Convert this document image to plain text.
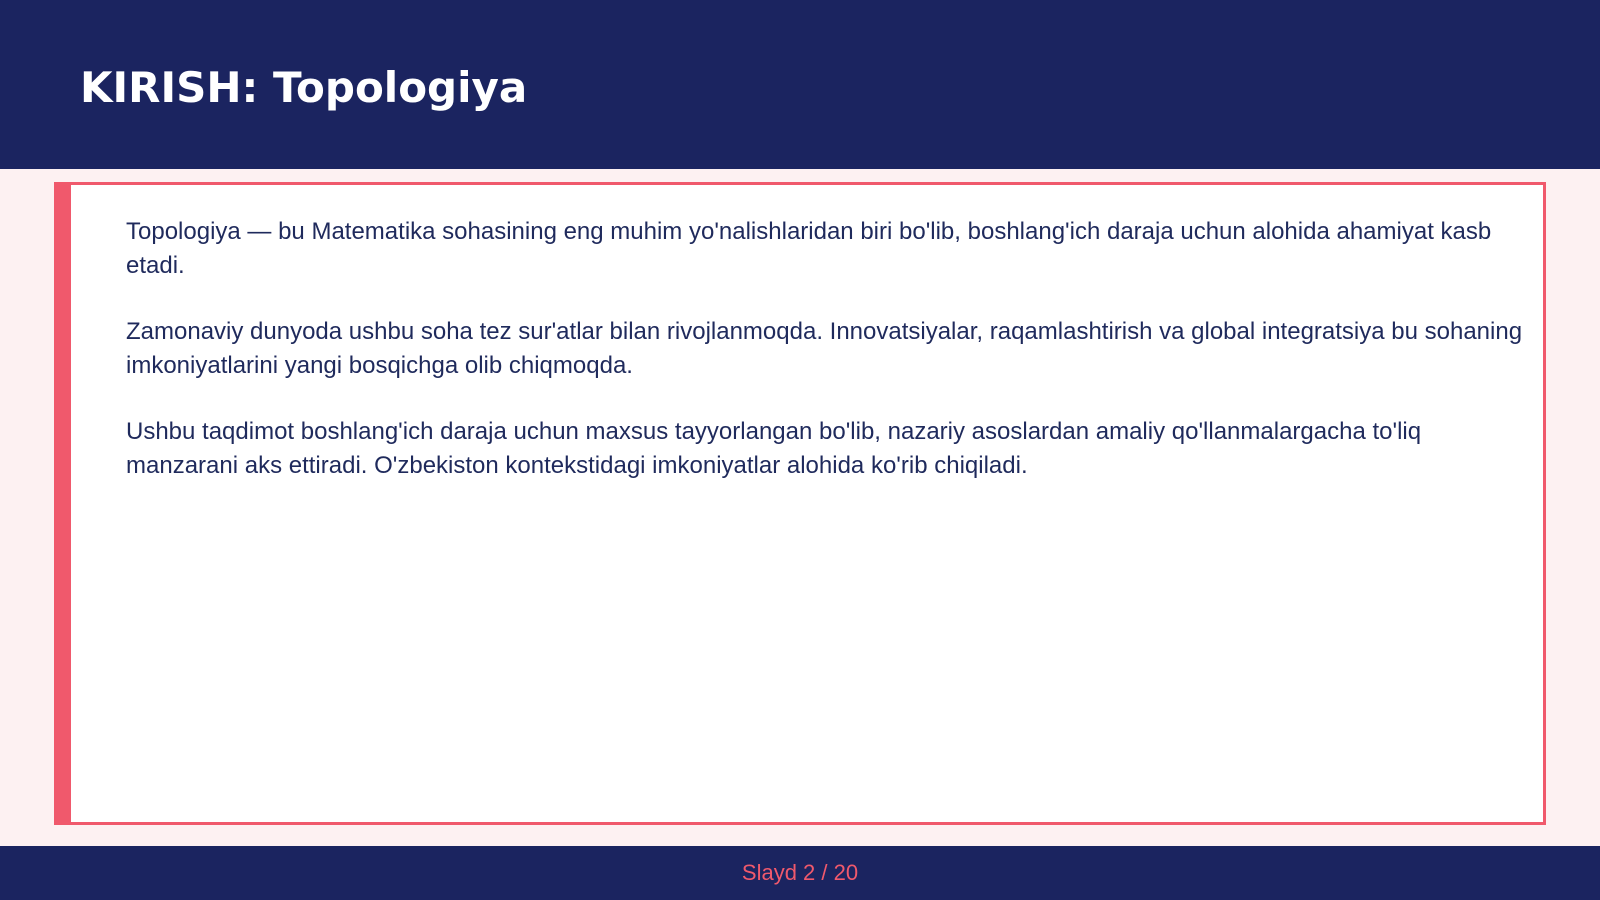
KIRISH: Topologiya

Topologiya — bu Matematika sohasining eng muhim yo'nalishlaridan biri bo'lib, boshlang'ich daraja uchun alohida ahamiyat kasb etadi.

Zamonaviy dunyoda ushbu soha tez sur'atlar bilan rivojlanmoqda. Innovatsiyalar, raqamlashtirish va global integratsiya bu sohaning imkoniyatlarini yangi bosqichga olib chiqmoqda.

Ushbu taqdimot boshlang'ich daraja uchun maxsus tayyorlangan bo'lib, nazariy asoslardan amaliy qo'llanmalargacha to'liq manzarani aks ettiradi. O'zbekiston kontekstidagi imkoniyatlar alohida ko'rib chiqiladi.

Slayd 2 / 20
